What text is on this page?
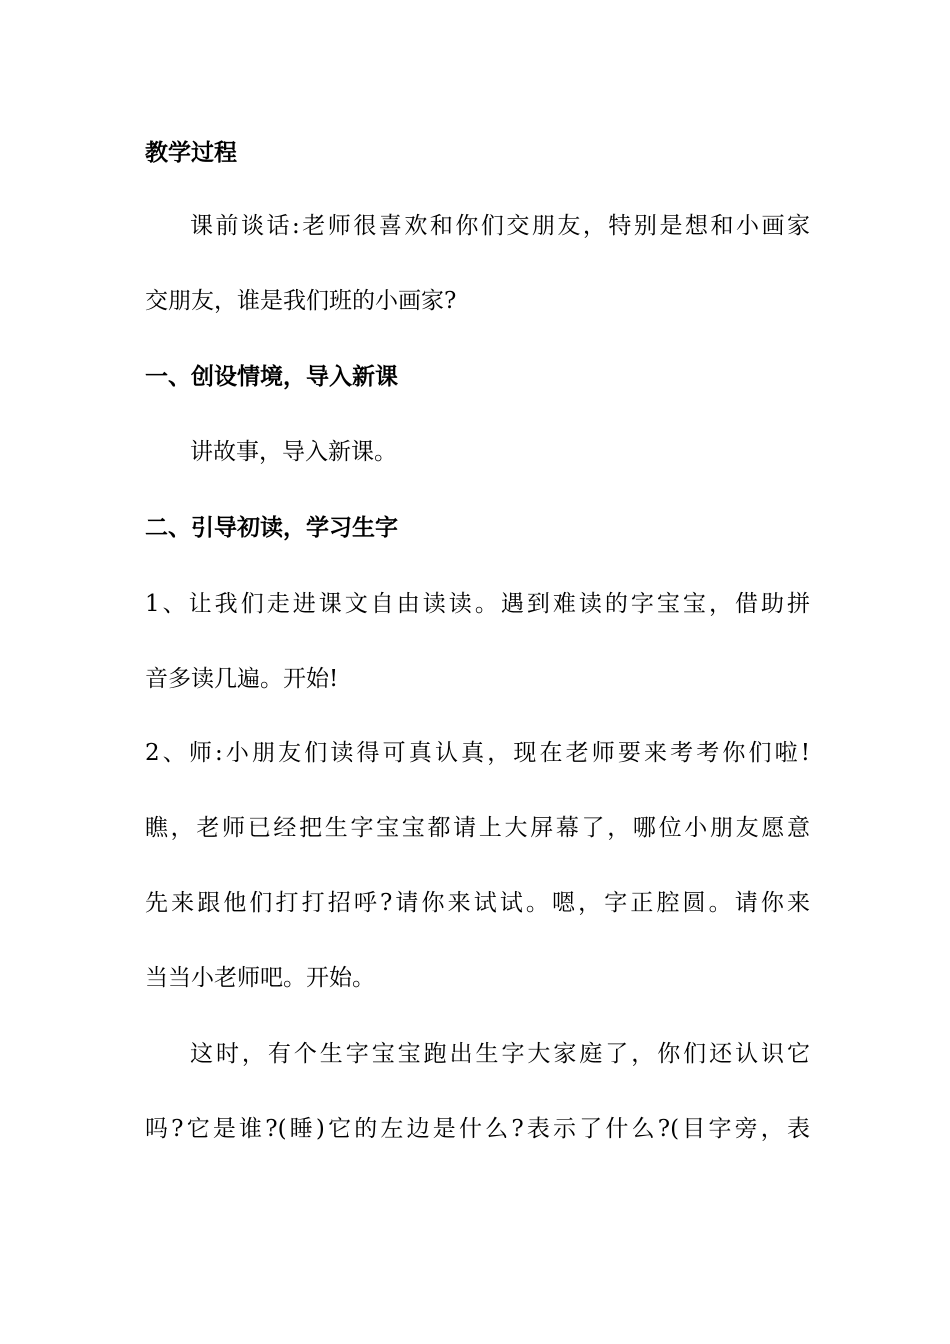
教学过程
课前谈话:老师很喜欢和你们交朋友，特别是想和小画家
交朋友，谁是我们班的小画家?
一、创设情境，导入新课
讲故事，导入新课。
二、引导初读，学习生字
1、让我们走进课文自由读读。遇到难读的字宝宝，借助拼
音多读几遍。开始!
2、师:小朋友们读得可真认真，现在老师要来考考你们啦!
瞧，老师已经把生字宝宝都请上大屏幕了，哪位小朋友愿意
先来跟他们打打招呼?请你来试试。嗯，字正腔圆。请你来
当当小老师吧。开始。
这时，有个生字宝宝跑出生字大家庭了，你们还认识它
吗?它是谁?(睡)它的左边是什么?表示了什么?(目字旁，表
